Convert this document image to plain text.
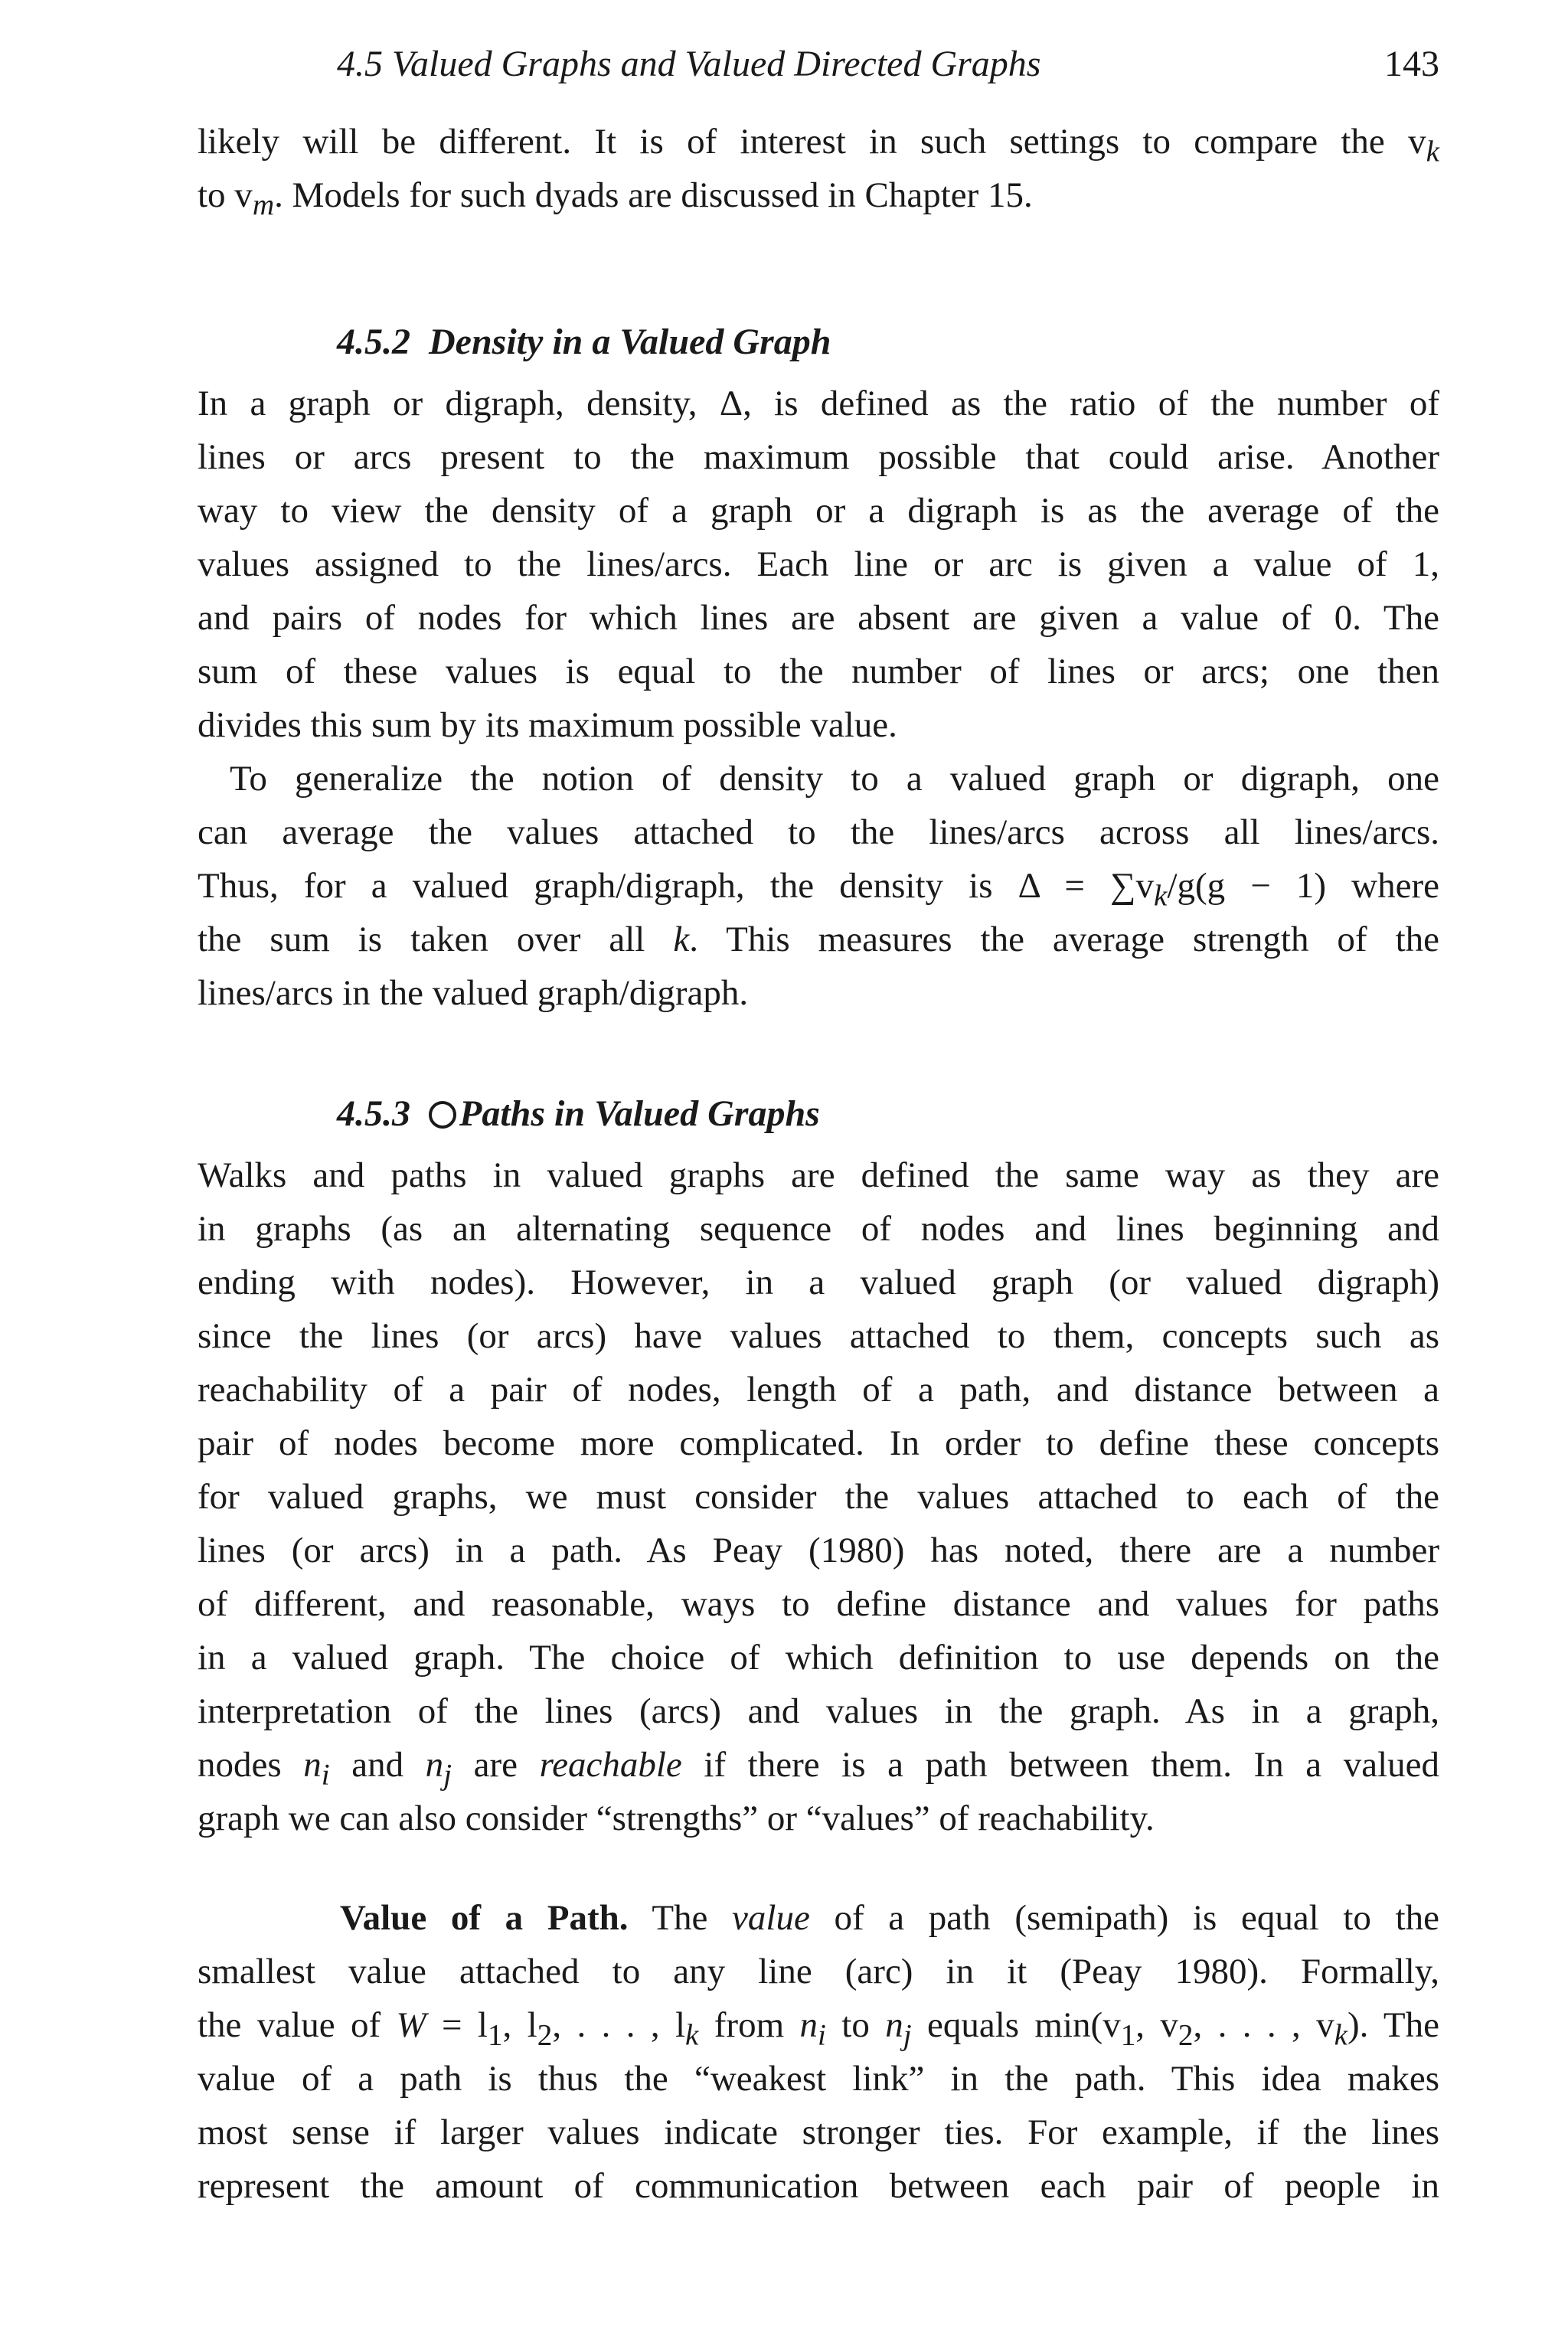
4.5 Valued Graphs and Valued Directed Graphs	143
likely will be different. It is of interest in such settings to compare the $v_k$
to $v_m$. Models for such dyads are discussed in Chapter 15.
4.5.2 Density in a Valued Graph
In a graph or digraph, density, Δ, is defined as the ratio of the number of
lines or arcs present to the maximum possible that could arise. Another
way to view the density of a graph or a digraph is as the average of the
values assigned to the lines/arcs. Each line or arc is given a value of 1,
and pairs of nodes for which lines are absent are given a value of 0. The
sum of these values is equal to the number of lines or arcs; one then
divides this sum by its maximum possible value.
To generalize the notion of density to a valued graph or digraph, one
can average the values attached to the lines/arcs across all lines/arcs.
Thus, for a valued graph/digraph, the density is $\Delta = \sum v_k/g(g - 1)$ where
the sum is taken over all k. This measures the average strength of the
lines/arcs in the valued graph/digraph.
4.5.3 Paths in Valued Graphs
Walks and paths in valued graphs are defined the same way as they are
in graphs (as an alternating sequence of nodes and lines beginning and
ending with nodes). However, in a valued graph (or valued digraph)
since the lines (or arcs) have values attached to them, concepts such as
reachability of a pair of nodes, length of a path, and distance between a
pair of nodes become more complicated. In order to define these concepts
for valued graphs, we must consider the values attached to each of the
lines (or arcs) in a path. As Peay (1980) has noted, there are a number
of different, and reasonable, ways to define distance and values for paths
in a valued graph. The choice of which definition to use depends on the
interpretation of the lines (arcs) and values in the graph. As in a graph,
nodes $n_i$ and $n_j$ are reachable if there is a path between them. In a valued
graph we can also consider “strengths” or “values” of reachability.
Value of a Path. The value of a path (semipath) is equal to the
smallest value attached to any line (arc) in it (Peay 1980). Formally,
the value of $W = l_1$, $l_2$, . . . , $l_k$ from $n_i$ to $n_j$ equals $\min(v_1$, $v_2$, . . . , $v_k$). The
value of a path is thus the “weakest link” in the path. This idea makes
most sense if larger values indicate stronger ties. For example, if the lines
represent the amount of communication between each pair of people in
